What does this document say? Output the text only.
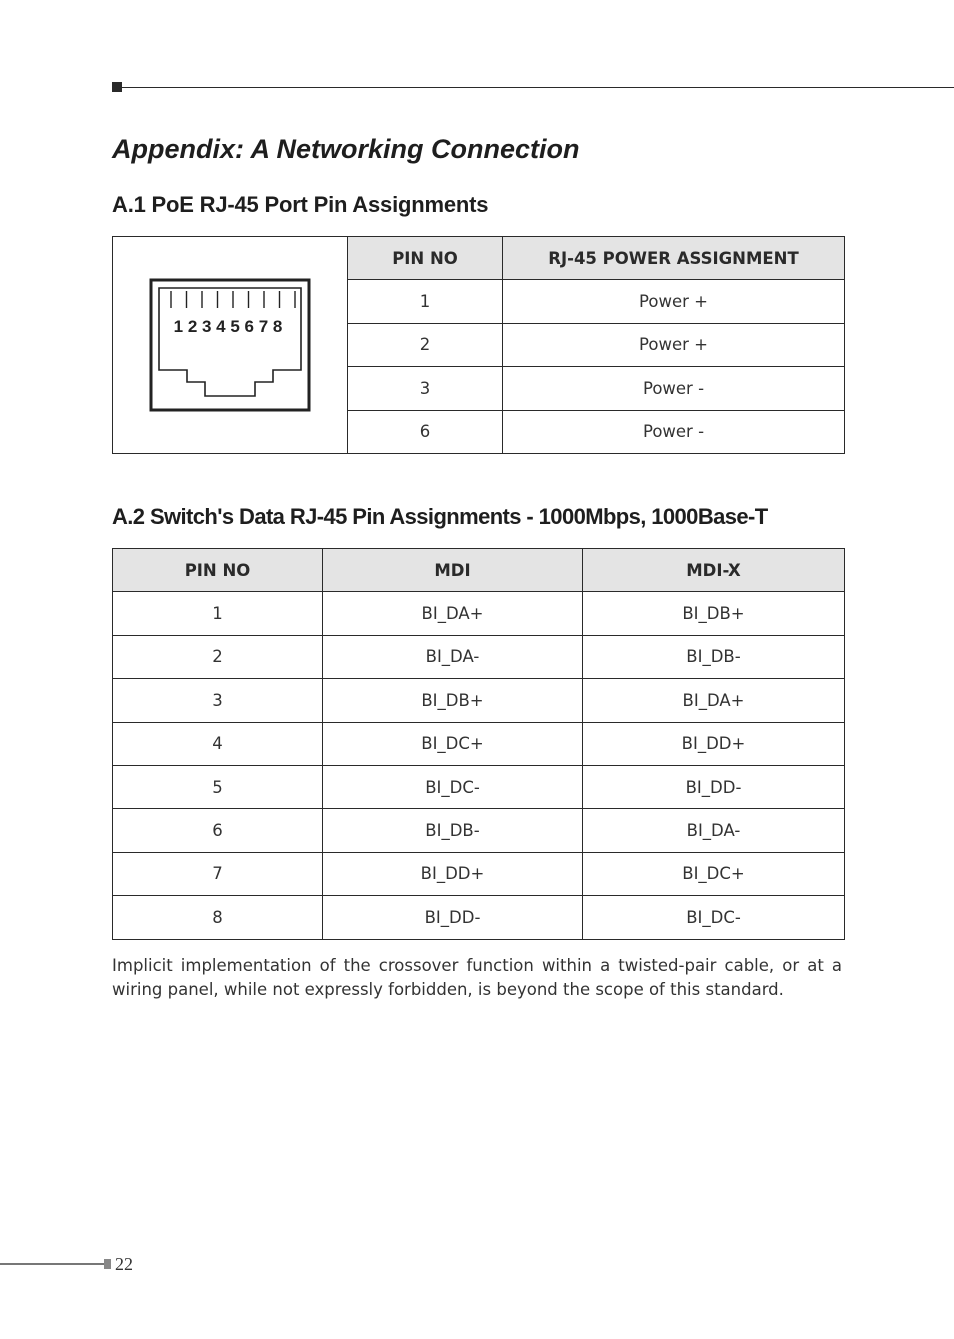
Appendix: A Networking Connection
A.1 PoE RJ-45 Port Pin Assignments
1 2 3 4 5 6 7 8	PIN NO	RJ-45 POWER ASSIGNMENT
	1	Power +
	2	Power +
	3	Power -
	6	Power -
A.2 Switch's Data RJ-45 Pin Assignments - 1000Mbps, 1000Base-T
PIN NO	MDI	MDI-X
1	BI_DA+	BI_DB+
2	BI_DA-	BI_DB-
3	BI_DB+	BI_DA+
4	BI_DC+	BI_DD+
5	BI_DC-	BI_DD-
6	BI_DB-	BI_DA-
7	BI_DD+	BI_DC+
8	BI_DD-	BI_DC-

Implicit implementation of the crossover function within a twisted-pair cable, or at a wiring panel, while not expressly forbidden, is beyond the scope of this standard.

22
